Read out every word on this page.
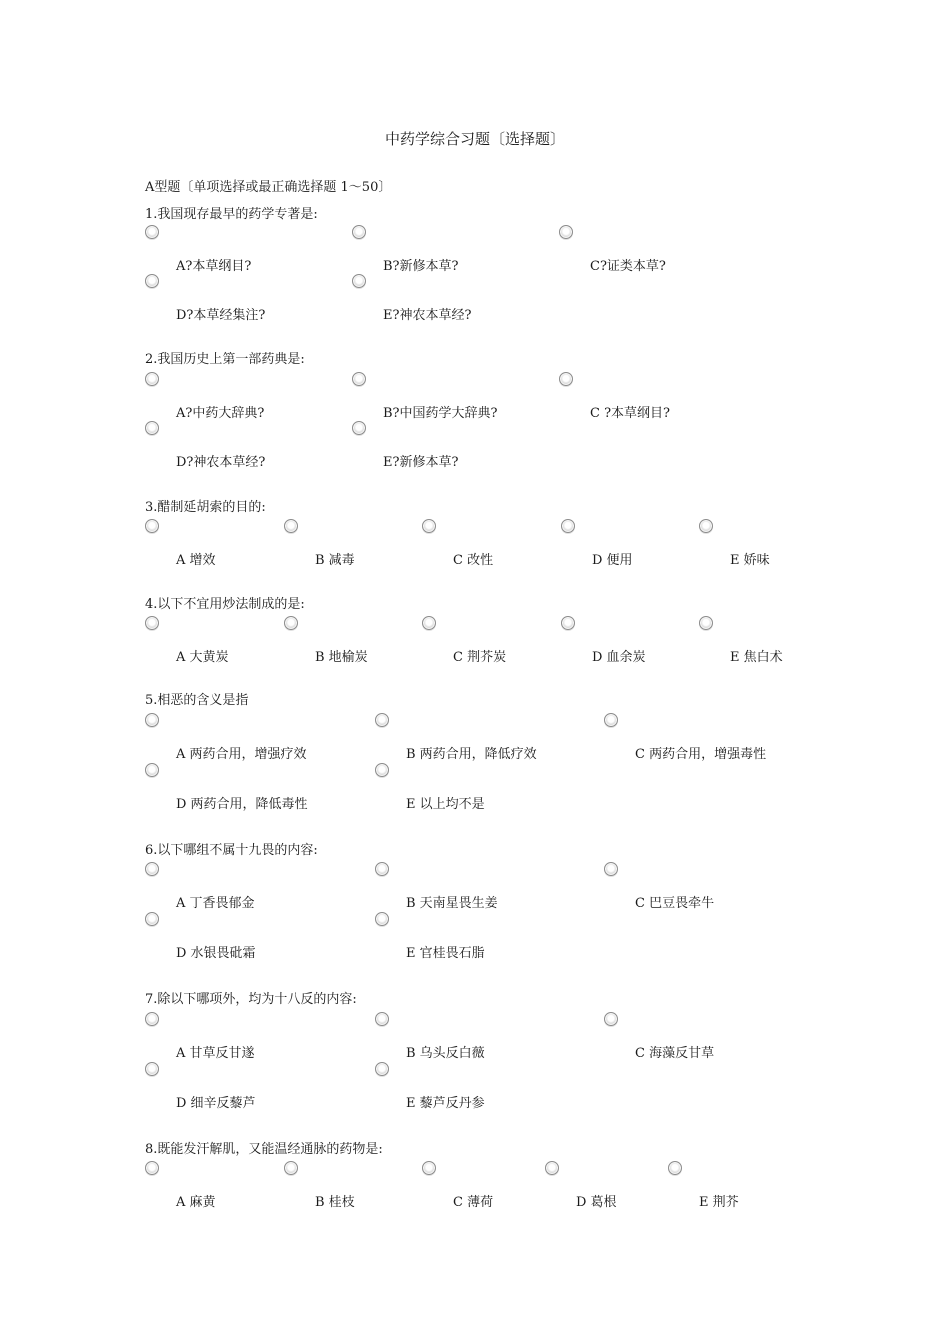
中药学综合习题〔选择题〕
A型题〔单项选择或最正确选择题 1～50〕
1.我国现存最早的药学专著是:
A?本草纲目?	B?新修本草?	C?证类本草?
D?本草经集注?	E?神农本草经?
2.我国历史上第一部药典是:
A?中药大辞典?	B?中国药学大辞典?	C ?本草纲目?
D?神农本草经?	E?新修本草?
3.醋制延胡索的目的:
A 增效	B 减毒	C 改性	D 便用	E 娇味
4.以下不宜用炒法制成的是:
A 大黄炭	B 地榆炭	C 荆芥炭	D 血余炭	E 焦白术
5.相恶的含义是指
A 两药合用，增强疗效	B 两药合用，降低疗效	C 两药合用，增强毒性
D 两药合用，降低毒性	E 以上均不是
6.以下哪组不属十九畏的内容:
A 丁香畏郁金	B 天南星畏生姜	C 巴豆畏牵牛
D 水银畏砒霜	E 官桂畏石脂
7.除以下哪项外，均为十八反的内容:
A 甘草反甘遂	B 乌头反白薇	C 海藻反甘草
D 细辛反藜芦	E 藜芦反丹参
8.既能发汗解肌，又能温经通脉的药物是:
A 麻黄	B 桂枝	C 薄荷	D 葛根	E 荆芥
